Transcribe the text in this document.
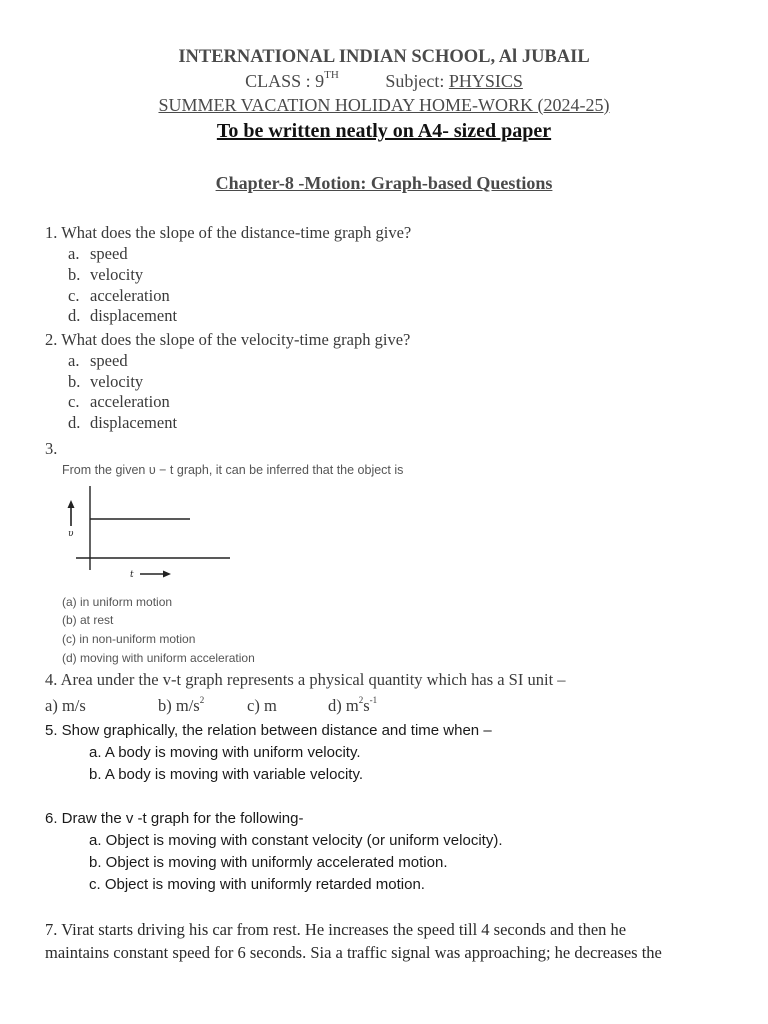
INTERNATIONAL INDIAN SCHOOL, Al JUBAIL
CLASS : 9TH	Subject: PHYSICS
SUMMER VACATION HOLIDAY HOME-WORK (2024-25)
To be written neatly on A4- sized paper
Chapter-8 -Motion: Graph-based Questions
1. What does the slope of the distance-time graph give?
a. speed
b. velocity
c. acceleration
d. displacement
2. What does the slope of the velocity-time graph give?
a. speed
b. velocity
c. acceleration
d. displacement
3.
From the given υ − t graph, it can be inferred that the object is
υ
t
(a) in uniform motion
(b) at rest
(c) in non-uniform motion
(d) moving with uniform acceleration
4. Area under the v-t graph represents a physical quantity which has a SI unit –
a) m/s	b) $m/s^2$	c) m	d) $m^2s^{-1}$
5. Show graphically, the relation between distance and time when –
a. A body is moving with uniform velocity.
b. A body is moving with variable velocity.
6. Draw the v -t graph for the following-
a. Object is moving with constant velocity (or uniform velocity).
b. Object is moving with uniformly accelerated motion.
c. Object is moving with uniformly retarded motion.
7. Virat starts driving his car from rest. He increases the speed till 4 seconds and then he
maintains constant speed for 6 seconds. Sia a traffic signal was approaching; he decreases the
